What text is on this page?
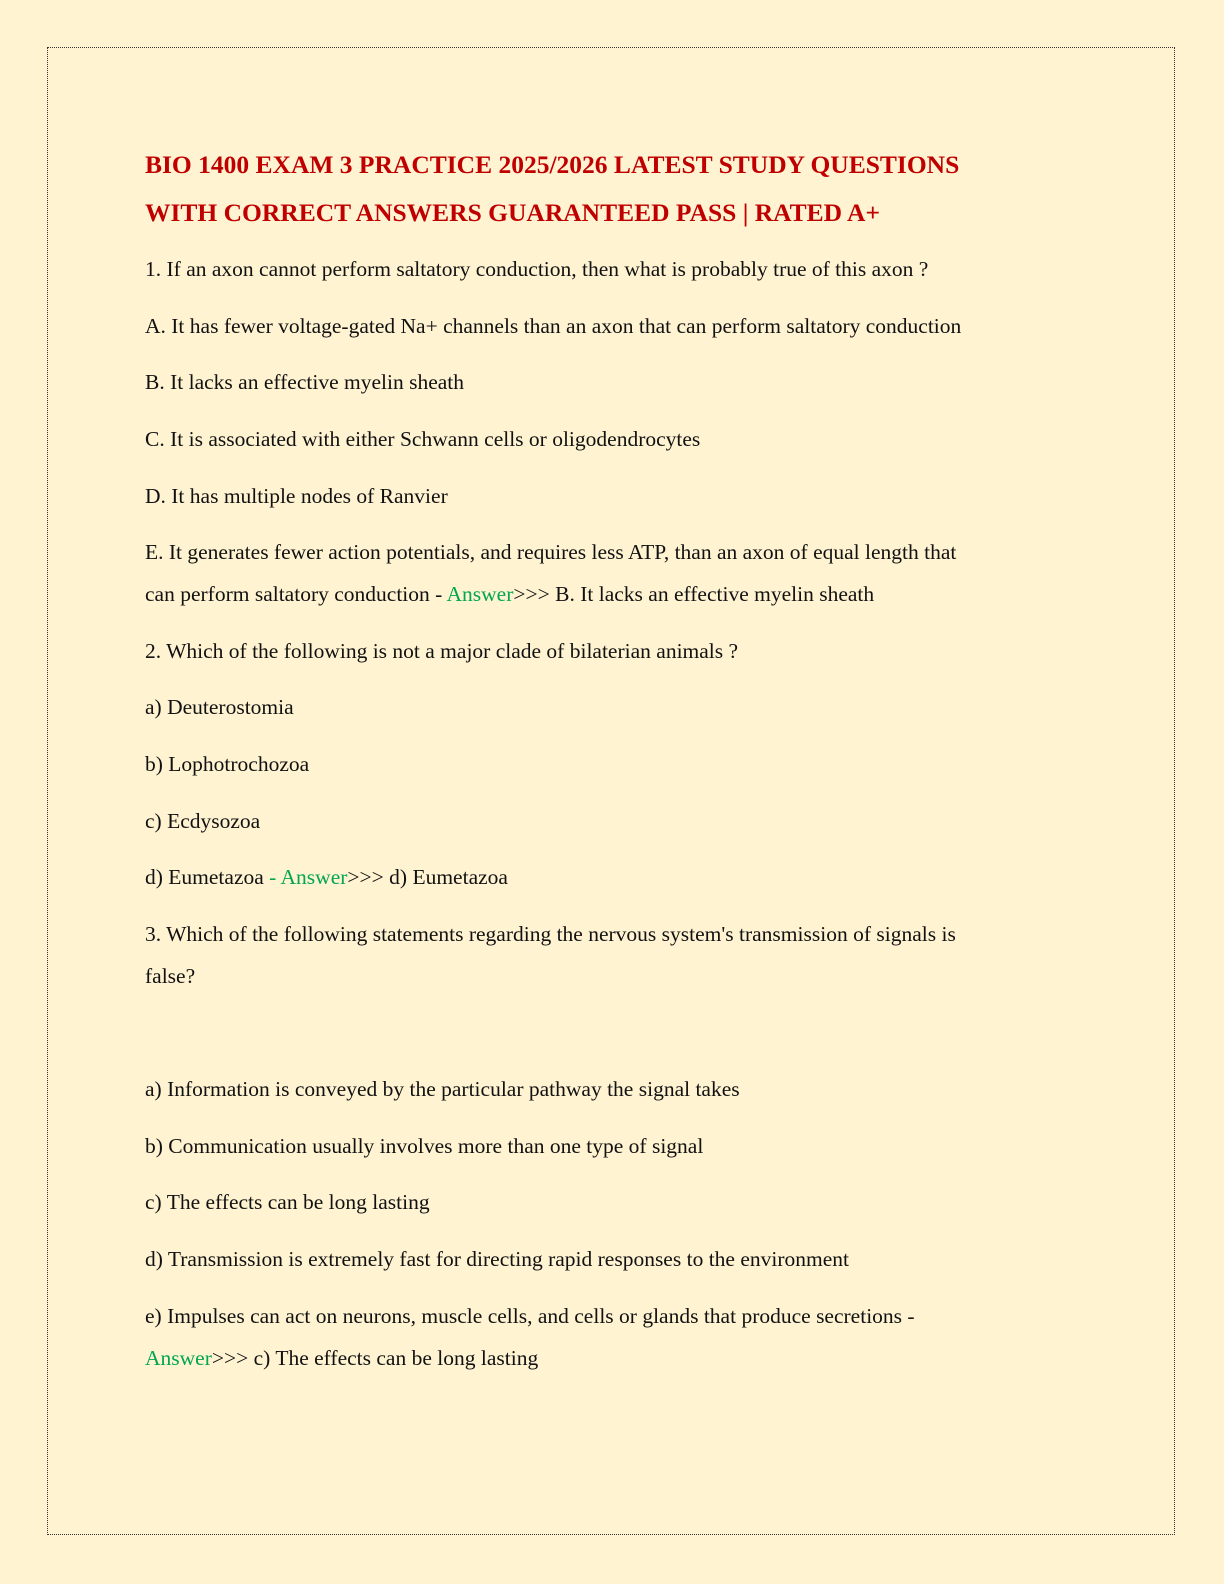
BIO 1400 EXAM 3 PRACTICE 2025/2026 LATEST STUDY QUESTIONS
WITH CORRECT ANSWERS GUARANTEED PASS | RATED A+

1. If an axon cannot perform saltatory conduction, then what is probably true of this axon ?

A. It has fewer voltage-gated Na+ channels than an axon that can perform saltatory conduction

B. It lacks an effective myelin sheath

C. It is associated with either Schwann cells or oligodendrocytes

D. It has multiple nodes of Ranvier

E. It generates fewer action potentials, and requires less ATP, than an axon of equal length that

can perform saltatory conduction - Answer>>> B. It lacks an effective myelin sheath

2. Which of the following is not a major clade of bilaterian animals ?

a) Deuterostomia

b) Lophotrochozoa

c) Ecdysozoa

d) Eumetazoa - Answer>>> d) Eumetazoa

3. Which of the following statements regarding the nervous system's transmission of signals is

false?

a) Information is conveyed by the particular pathway the signal takes

b) Communication usually involves more than one type of signal

c) The effects can be long lasting

d) Transmission is extremely fast for directing rapid responses to the environment

e) Impulses can act on neurons, muscle cells, and cells or glands that produce secretions -

Answer>>> c) The effects can be long lasting
